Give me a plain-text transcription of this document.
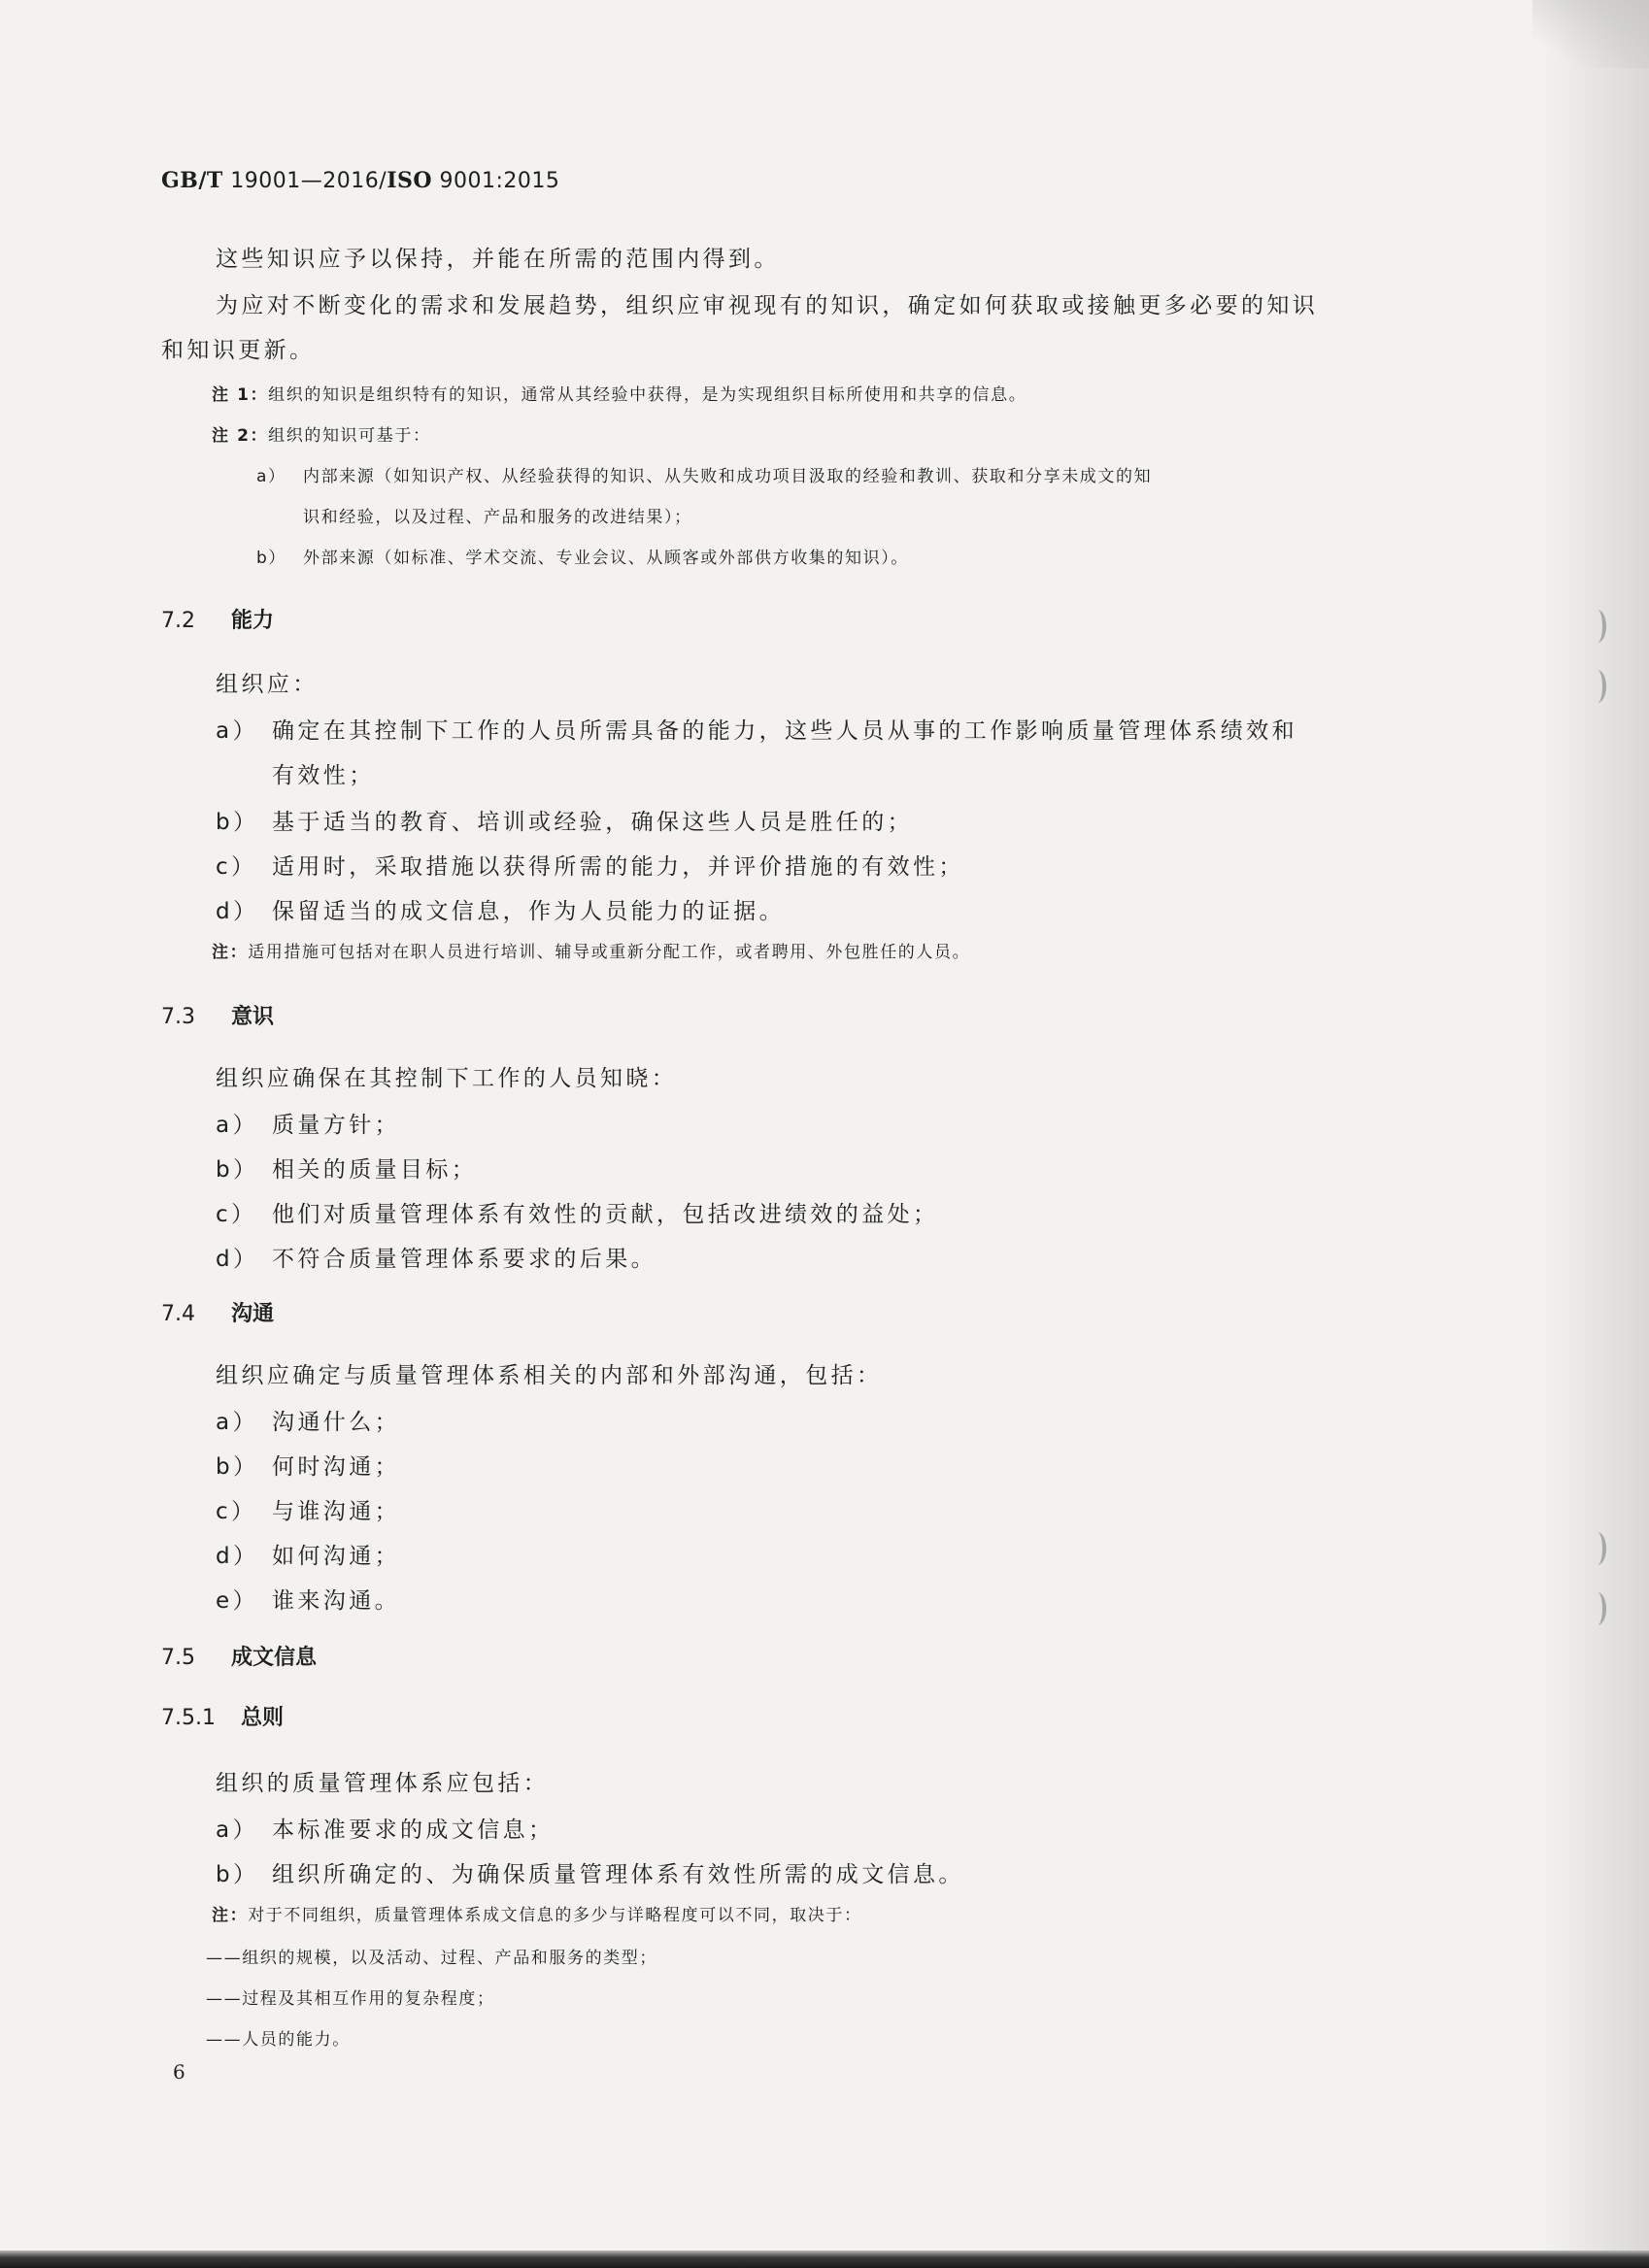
GB/T 19001—2016/ISO 9001:2015
这些知识应予以保持，并能在所需的范围内得到。
为应对不断变化的需求和发展趋势，组织应审视现有的知识，确定如何获取或接触更多必要的知识
和知识更新。
注 1：组织的知识是组织特有的知识，通常从其经验中获得，是为实现组织目标所使用和共享的信息。
注 2：组织的知识可基于：
a） 内部来源（如知识产权、从经验获得的知识、从失败和成功项目汲取的经验和教训、获取和分享未成文的知
识和经验，以及过程、产品和服务的改进结果）；
b） 外部来源（如标准、学术交流、专业会议、从顾客或外部供方收集的知识）。
7.2 能力
组织应：
a） 确定在其控制下工作的人员所需具备的能力，这些人员从事的工作影响质量管理体系绩效和
有效性；
b） 基于适当的教育、培训或经验，确保这些人员是胜任的；
c） 适用时，采取措施以获得所需的能力，并评价措施的有效性；
d） 保留适当的成文信息，作为人员能力的证据。
注：适用措施可包括对在职人员进行培训、辅导或重新分配工作，或者聘用、外包胜任的人员。
7.3 意识
组织应确保在其控制下工作的人员知晓：
a） 质量方针；
b） 相关的质量目标；
c） 他们对质量管理体系有效性的贡献，包括改进绩效的益处；
d） 不符合质量管理体系要求的后果。
7.4 沟通
组织应确定与质量管理体系相关的内部和外部沟通，包括：
a） 沟通什么；
b） 何时沟通；
c） 与谁沟通；
d） 如何沟通；
e） 谁来沟通。
7.5 成文信息
7.5.1 总则
组织的质量管理体系应包括：
a） 本标准要求的成文信息；
b） 组织所确定的、为确保质量管理体系有效性所需的成文信息。
注：对于不同组织，质量管理体系成文信息的多少与详略程度可以不同，取决于：
——组织的规模，以及活动、过程、产品和服务的类型；
——过程及其相互作用的复杂程度；
——人员的能力。
6
